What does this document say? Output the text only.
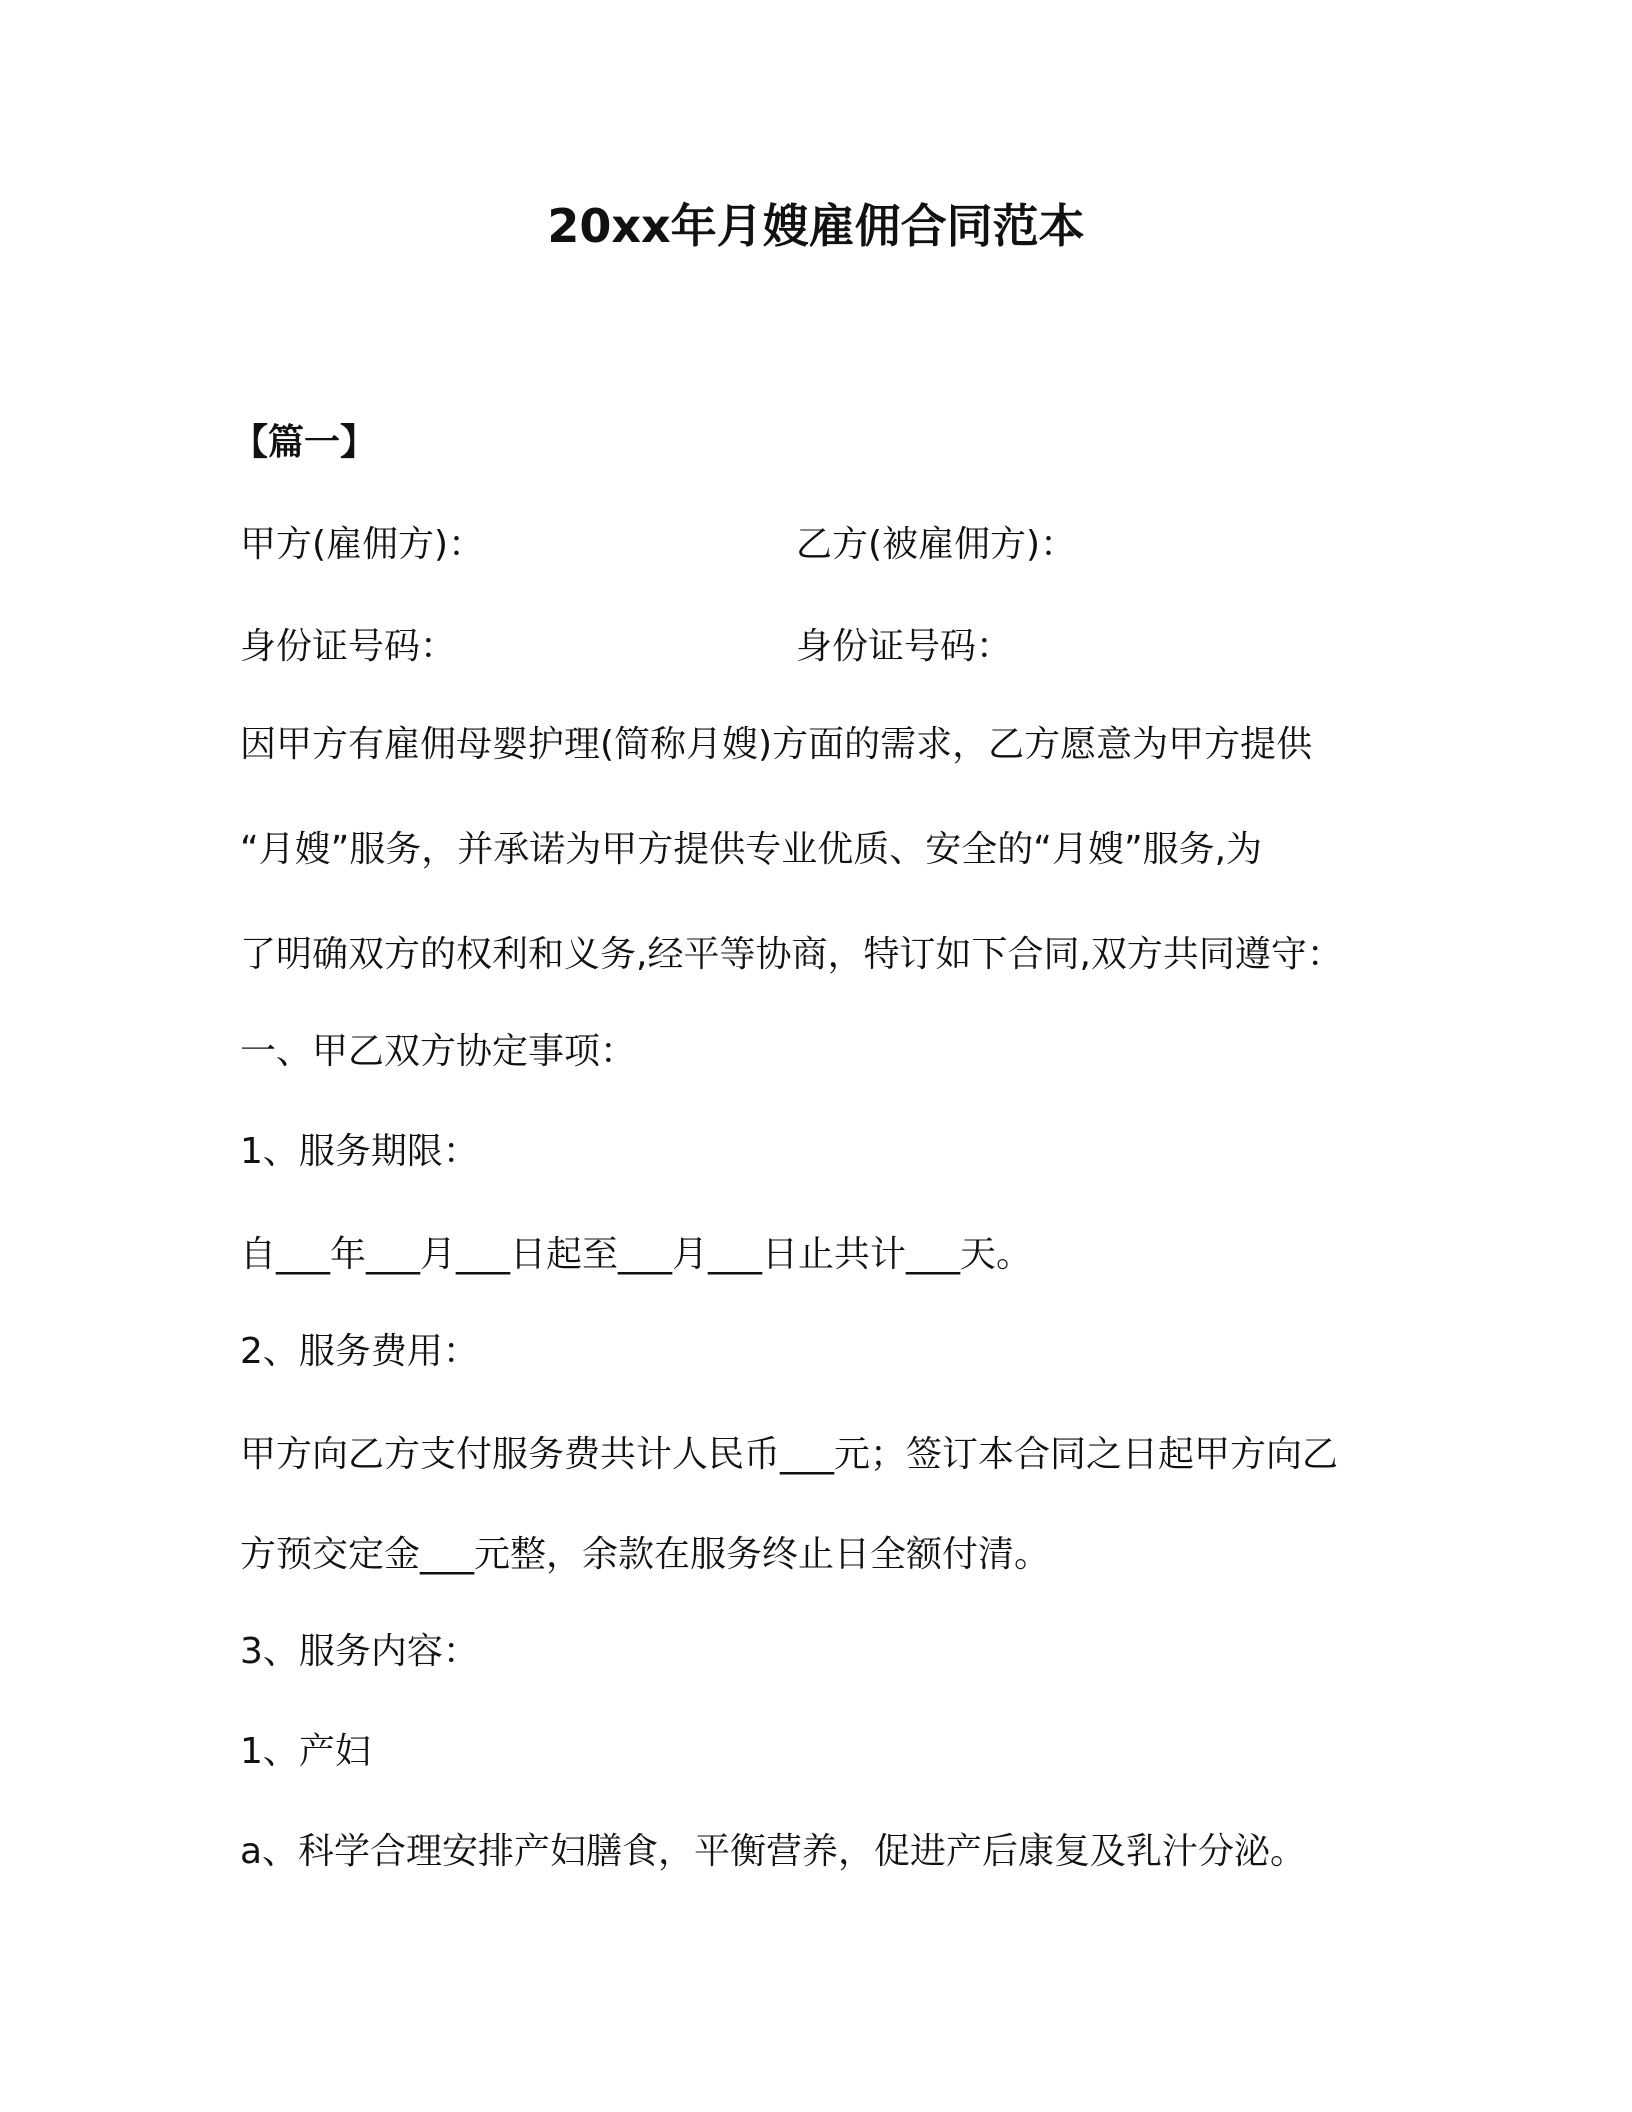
20xx年月嫂雇佣合同范本
【篇一】
甲方(雇佣方)：	乙方(被雇佣方)：
身份证号码：	身份证号码：
因甲方有雇佣母婴护理(简称月嫂)方面的需求，乙方愿意为甲方提供
“月嫂”服务，并承诺为甲方提供专业优质、安全的“月嫂”服务,为
了明确双方的权利和义务,经平等协商，特订如下合同,双方共同遵守：
一、甲乙双方协定事项：
1、服务期限：
自___年___月___日起至___月___日止共计___天。
2、服务费用：
甲方向乙方支付服务费共计人民币___元；签订本合同之日起甲方向乙
方预交定金___元整，余款在服务终止日全额付清。
3、服务内容：
1、产妇
a、科学合理安排产妇膳食，平衡营养，促进产后康复及乳汁分泌。
